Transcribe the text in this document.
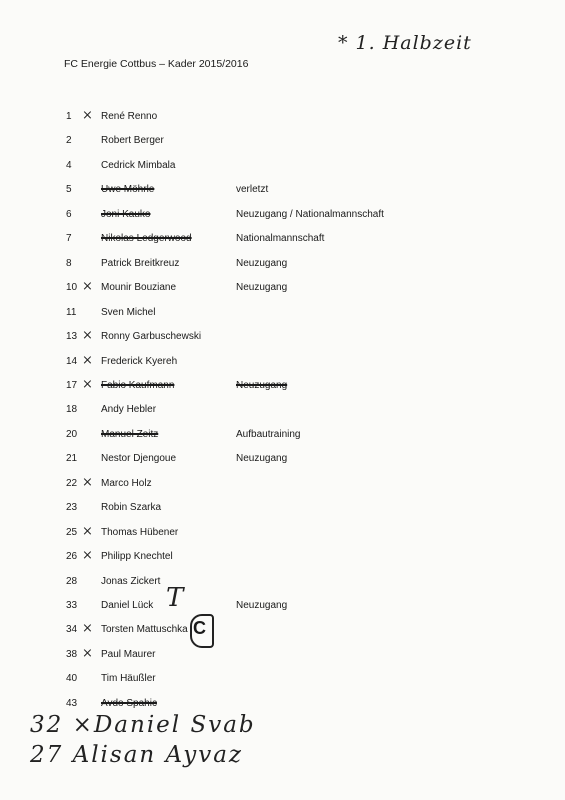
FC Energie Cottbus – Kader 2015/2016
* 1. Halbzeit
1 × René Renno
2	Robert Berger
4	Cedrick Mimbala
5	Uwe Möhrle	verletzt
6	Joni Kauko	Neuzugang / Nationalmannschaft
7	Nikolas Ledgerwood	Nationalmannschaft
8	Patrick Breitkreuz	Neuzugang
10 × Mounir Bouziane	Neuzugang
11 Sven Michel
13 × Ronny Garbuschewski
14 × Frederick Kyereh
17 × Fabio Kaufmann	Neuzugang
18 Andy Hebler
20 Manuel Zeitz	Aufbautraining
21 Nestor Djengoue	Neuzugang
22 × Marco Holz
23 Robin Szarka
25 × Thomas Hübener
26 × Philipp Knechtel
28 Jonas Zickert
33 Daniel Lück	Neuzugang
34 × Torsten Mattuschka
38 × Paul Maurer
40 Tim Häußler
43 Avdo Spahic
T
C
32 ×Daniel Svab
27 Alisan Ayvaz
